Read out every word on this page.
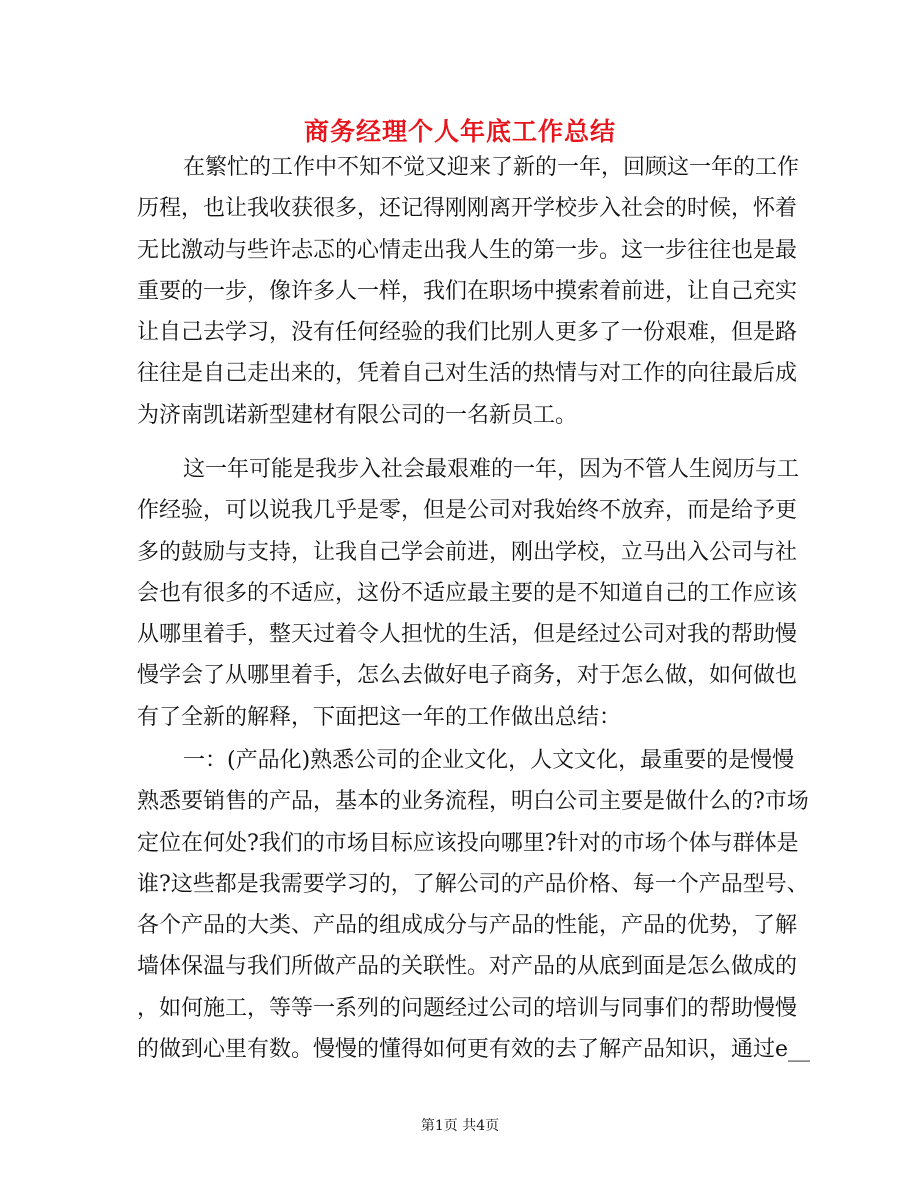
商务经理个人年底工作总结
在繁忙的工作中不知不觉又迎来了新的一年，回顾这一年的工作
历程，也让我收获很多，还记得刚刚离开学校步入社会的时候，怀着
无比激动与些许忐忑的心情走出我人生的第一步。这一步往往也是最
重要的一步，像许多人一样，我们在职场中摸索着前进，让自己充实
让自己去学习，没有任何经验的我们比别人更多了一份艰难，但是路
往往是自己走出来的，凭着自己对生活的热情与对工作的向往最后成
为济南凯诺新型建材有限公司的一名新员工。
这一年可能是我步入社会最艰难的一年，因为不管人生阅历与工
作经验，可以说我几乎是零，但是公司对我始终不放弃，而是给予更
多的鼓励与支持，让我自己学会前进，刚出学校，立马出入公司与社
会也有很多的不适应，这份不适应最主要的是不知道自己的工作应该
从哪里着手，整天过着令人担忧的生活，但是经过公司对我的帮助慢
慢学会了从哪里着手，怎么去做好电子商务，对于怎么做，如何做也
有了全新的解释，下面把这一年的工作做出总结：
一：(产品化)熟悉公司的企业文化，人文文化，最重要的是慢慢
熟悉要销售的产品，基本的业务流程，明白公司主要是做什么的?市场
定位在何处?我们的市场目标应该投向哪里?针对的市场个体与群体是
谁?这些都是我需要学习的，了解公司的产品价格、每一个产品型号、
各个产品的大类、产品的组成成分与产品的性能，产品的优势，了解
墙体保温与我们所做产品的关联性。对产品的从底到面是怎么做成的
，如何施工，等等一系列的问题经过公司的培训与同事们的帮助慢慢
的做到心里有数。慢慢的懂得如何更有效的去了解产品知识，通过e__
第1页 共4页
